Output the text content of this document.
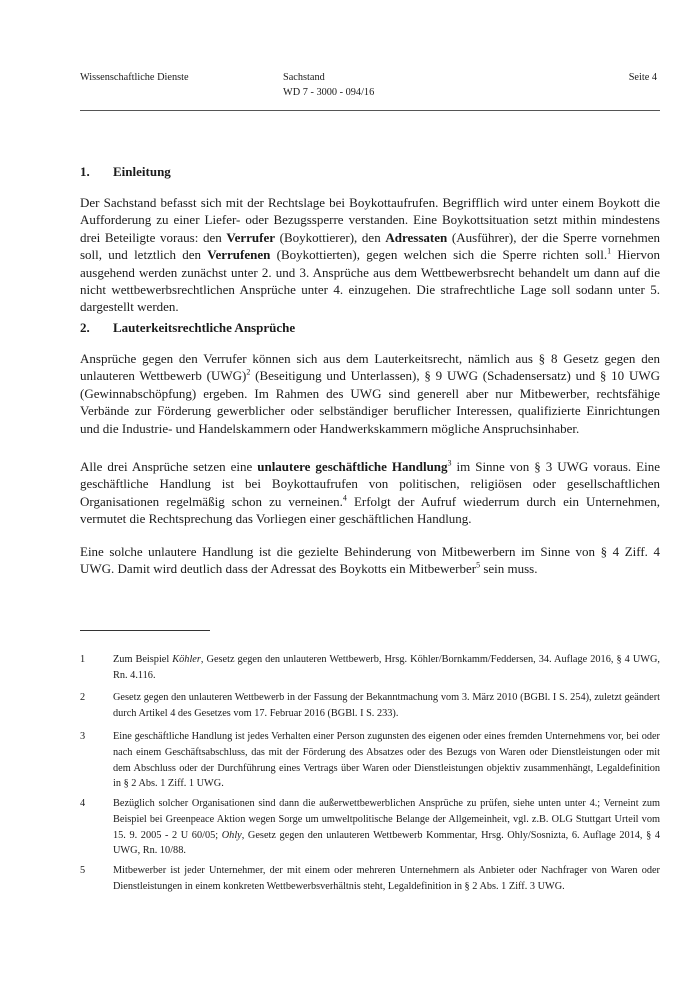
Wissenschaftliche Dienste	Sachstand
WD 7 - 3000 - 094/16
Seite 4
1. Einleitung

Der Sachstand befasst sich mit der Rechtslage bei Boykottaufrufen. Begrifflich wird unter einem Boykott die Aufforderung zu einer Liefer- oder Bezugssperre verstanden. Eine Boykottsituation setzt mithin mindestens drei Beteiligte voraus: den Verrufer (Boykottierer), den Adressaten (Ausführer), der die Sperre vornehmen soll, und letztlich den Verrufenen (Boykottierten), gegen welchen sich die Sperre richten soll.$^1$ Hiervon ausgehend werden zunächst unter 2. und 3. Ansprüche aus dem Wettbewerbsrecht behandelt um dann auf die nicht wettbewerbsrechtlichen Ansprüche unter 4. einzugehen. Die strafrechtliche Lage soll sodann unter 5. dargestellt werden.

2. Lauterkeitsrechtliche Ansprüche

Ansprüche gegen den Verrufer können sich aus dem Lauterkeitsrecht, nämlich aus § 8 Gesetz gegen den unlauteren Wettbewerb (UWG)$^2$ (Beseitigung und Unterlassen), § 9 UWG (Schadensersatz) und § 10 UWG (Gewinnabschöpfung) ergeben. Im Rahmen des UWG sind generell aber nur Mitbewerber, rechtsfähige Verbände zur Förderung gewerblicher oder selbständiger beruflicher Interessen, qualifizierte Einrichtungen und die Industrie- und Handelskammern oder Handwerkskammern mögliche Anspruchsinhaber.

Alle drei Ansprüche setzen eine unlautere geschäftliche Handlung$^3$ im Sinne von § 3 UWG voraus. Eine geschäftliche Handlung ist bei Boykottaufrufen von politischen, religiösen oder gesellschaftlichen Organisationen regelmäßig schon zu verneinen.$^4$ Erfolgt der Aufruf wiederrum durch ein Unternehmen, vermutet die Rechtsprechung das Vorliegen einer geschäftlichen Handlung.

Eine solche unlautere Handlung ist die gezielte Behinderung von Mitbewerbern im Sinne von § 4 Ziff. 4 UWG. Damit wird deutlich dass der Adressat des Boykotts ein Mitbewerber$^5$ sein muss.

1	Zum Beispiel Köhler, Gesetz gegen den unlauteren Wettbewerb, Hrsg. Köhler/Bornkamm/Feddersen, 34. Auflage 2016, § 4 UWG, Rn. 4.116.
2	Gesetz gegen den unlauteren Wettbewerb in der Fassung der Bekanntmachung vom 3. März 2010 (BGBl. I S. 254), zuletzt geändert durch Artikel 4 des Gesetzes vom 17. Februar 2016 (BGBl. I S. 233).
3	Eine geschäftliche Handlung ist jedes Verhalten einer Person zugunsten des eigenen oder eines fremden Unternehmens vor, bei oder nach einem Geschäftsabschluss, das mit der Förderung des Absatzes oder des Bezugs von Waren oder Dienstleistungen oder mit dem Abschluss oder der Durchführung eines Vertrags über Waren oder Dienstleistungen objektiv zusammenhängt, Legaldefinition in § 2 Abs. 1 Ziff. 1 UWG.
4	Bezüglich solcher Organisationen sind dann die außerwettbewerblichen Ansprüche zu prüfen, siehe unten unter 4.; Verneint zum Beispiel bei Greenpeace Aktion wegen Sorge um umweltpolitische Belange der Allgemeinheit, vgl. z.B. OLG Stuttgart Urteil vom 15. 9. 2005 - 2 U 60/05; Ohly, Gesetz gegen den unlauteren Wettbewerb Kommentar, Hrsg. Ohly/Sosnizta, 6. Auflage 2014, § 4 UWG, Rn. 10/88.
5	Mitbewerber ist jeder Unternehmer, der mit einem oder mehreren Unternehmern als Anbieter oder Nachfrager von Waren oder Dienstleistungen in einem konkreten Wettbewerbsverhältnis steht, Legaldefinition in § 2 Abs. 1 Ziff. 3 UWG.
